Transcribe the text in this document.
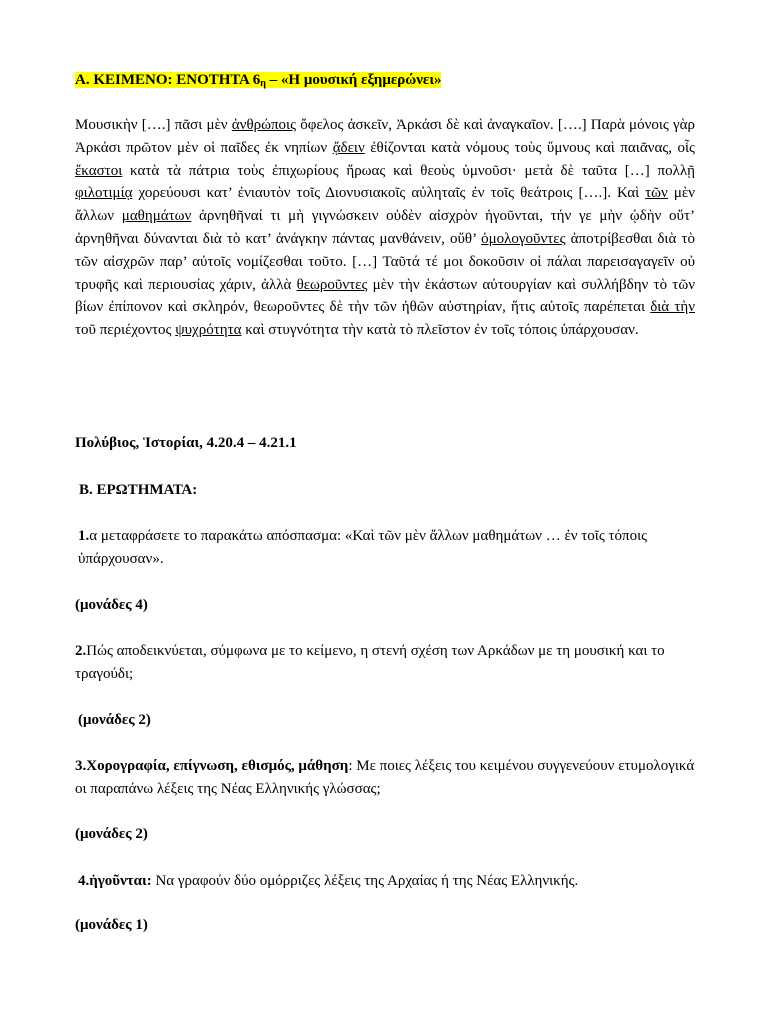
Α. ΚΕΙΜΕΝΟ: ΕΝΟΤΗΤΑ $6_\eta$ – «Η μουσική εξημερώνει»
Μουσικὴν [….] πᾶσι μὲν ἀνθρώποις ὄφελος ἀσκεῖν, Ἀρκάσι δὲ καὶ ἀναγκαῖον. [….] Παρὰ μόνοις γὰρ Ἀρκάσι πρῶτον μὲν οἱ παῖδες ἐκ νηπίων ᾄδειν ἐθίζονται κατὰ νόμους τοὺς ὕμνους καὶ παιᾶνας, οἷς ἕκαστοι κατὰ τὰ πάτρια τοὺς ἐπιχωρίους ἥρωας καὶ θεοὺς ὑμνοῦσι· μετὰ δὲ ταῦτα […] πολλῇ φιλοτιμίᾳ χορεύουσι κατ’ ἐνιαυτὸν τοῖς Διονυσιακοῖς αὐληταῖς ἐν τοῖς θεάτροις [….]. Καὶ τῶν μὲν ἄλλων μαθημάτων ἀρνηθῆναί τι μὴ γιγνώσκειν οὐδὲν αἰσχρὸν ἡγοῦνται, τήν γε μὴν ᾠδὴν οὔτ’ ἀρνηθῆναι δύνανται διὰ τὸ κατ’ ἀνάγκην πάντας μανθάνειν, οὔθ’ ὁμολογοῦντες ἀποτρίβεσθαι διὰ τὸ τῶν αἰσχρῶν παρ’ αὐτοῖς νομίζεσθαι τοῦτο. […] Ταῦτά τέ μοι δοκοῦσιν οἱ πάλαι παρεισαγαγεῖν οὐ τρυφῆς καὶ περιουσίας χάριν, ἀλλὰ θεωροῦντες μὲν τὴν ἑκάστων αὐτουργίαν καὶ συλλήβδην τὸ τῶν βίων ἐπίπονον καὶ σκληρόν, θεωροῦντες δὲ τὴν τῶν ἠθῶν αὐστηρίαν, ἥτις αὐτοῖς παρέπεται διὰ τὴν τοῦ περιέχοντος ψυχρότητα καὶ στυγνότητα τὴν κατὰ τὸ πλεῖστον ἐν τοῖς τόποις ὑπάρχουσαν.
Πολύβιος, Ἱστορίαι, 4.20.4 – 4.21.1
Β. ΕΡΩΤΗΜΑΤΑ:
1.α μεταφράσετε το παρακάτω απόσπασμα: «Καὶ τῶν μὲν ἄλλων μαθημάτων … ἐν τοῖς τόποις ὑπάρχουσαν».
(μονάδες 4)
2.Πώς αποδεικνύεται, σύμφωνα με το κείμενο, η στενή σχέση των Αρκάδων με τη μουσική και το τραγούδι;
(μονάδες 2)
3.Χορογραφία, επίγνωση, εθισμός, μάθηση: Με ποιες λέξεις του κειμένου συγγενεύουν ετυμολογικά οι παραπάνω λέξεις της Νέας Ελληνικής γλώσσας;
(μονάδες 2)
4.ἡγοῦνται: Να γραφούν δύο ομόρριζες λέξεις της Αρχαίας ή της Νέας Ελληνικής.
(μονάδες 1)
